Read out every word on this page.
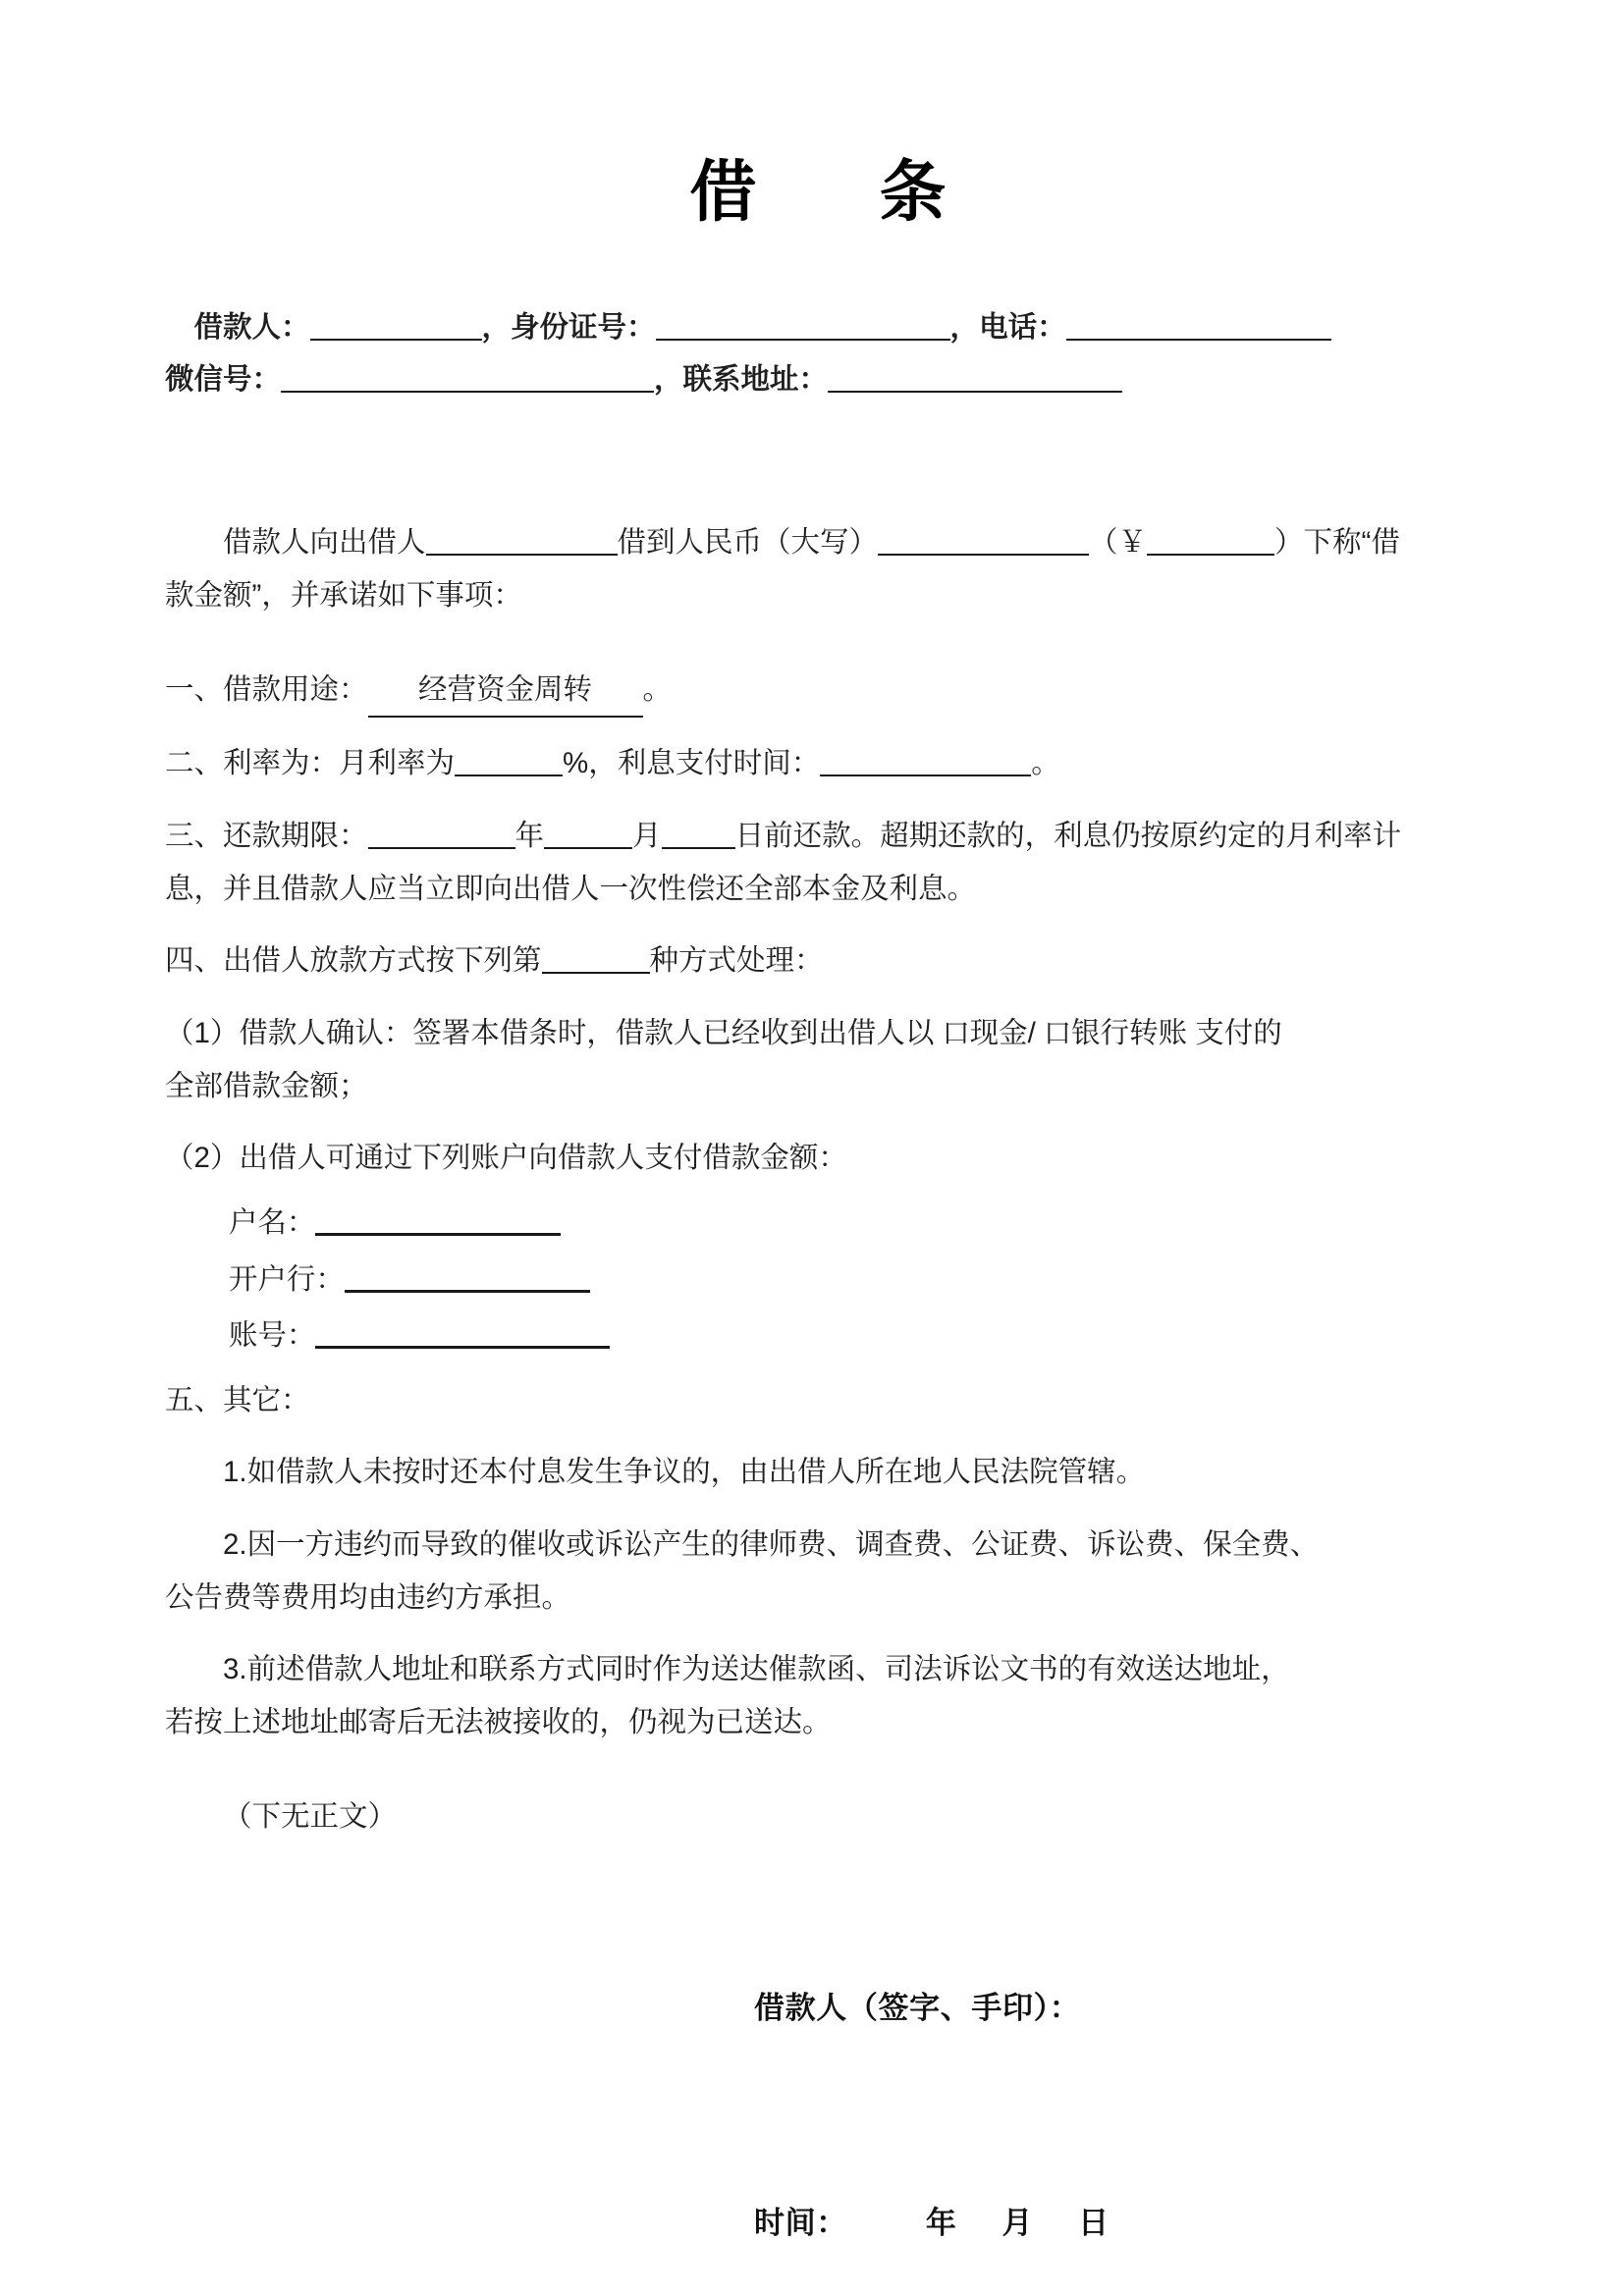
借　条

借款人：	，身份证号：	，电话：

微信号：	，联系地址：

借款人向出借人	借到人民币（大写）	（￥	）下称“借

款金额”，并承诺如下事项：

一、借款用途： 经营资金周转 。

二、利率为：月利率为	%，利息支付时间：	。

三、还款期限：	年	月	日前还款。超期还款的，利息仍按原约定的月利率计

息，并且借款人应当立即向出借人一次性偿还全部本金及利息。

四、出借人放款方式按下列第	种方式处理：

（1）借款人确认：签署本借条时，借款人已经收到出借人以 口现金/ 口银行转账 支付的

全部借款金额；

（2）出借人可通过下列账户向借款人支付借款金额：

户名：

开户行：

账号：

五、其它：

1.如借款人未按时还本付息发生争议的，由出借人所在地人民法院管辖。

2.因一方违约而导致的催收或诉讼产生的律师费、调查费、公证费、诉讼费、保全费、

公告费等费用均由违约方承担。

3.前述借款人地址和联系方式同时作为送达催款函、司法诉讼文书的有效送达地址，

若按上述地址邮寄后无法被接收的，仍视为已送达。

（下无正文）

借款人（签字、手印）：

时间：	年 月 日
